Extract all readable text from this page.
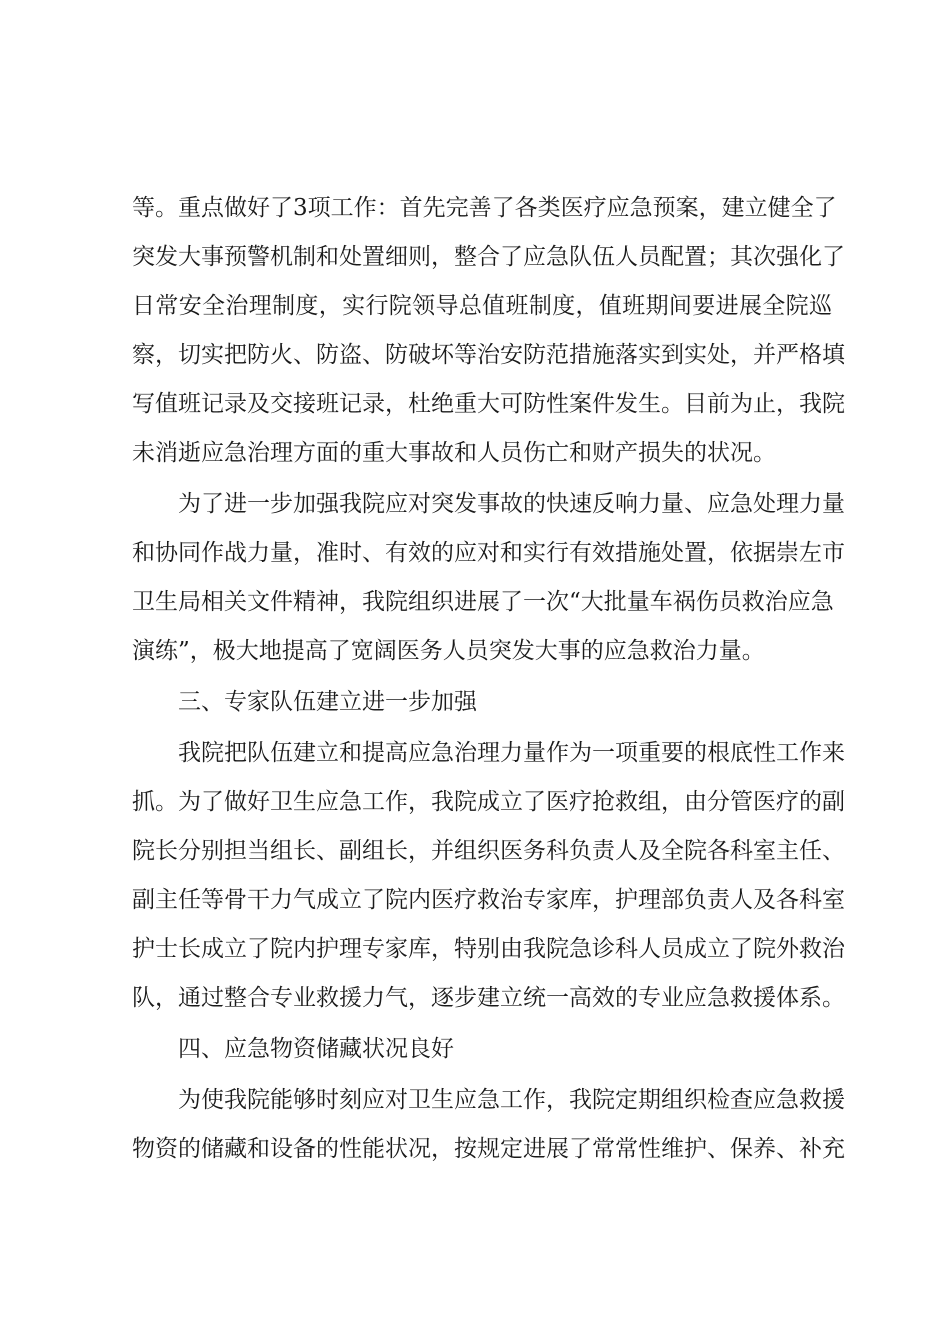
等。重点做好了3项工作：首先完善了各类医疗应急预案，建立健全了
突发大事预警机制和处置细则，整合了应急队伍人员配置；其次强化了
日常安全治理制度，实行院领导总值班制度，值班期间要进展全院巡
察，切实把防火、防盗、防破坏等治安防范措施落实到实处，并严格填
写值班记录及交接班记录，杜绝重大可防性案件发生。目前为止，我院
未消逝应急治理方面的重大事故和人员伤亡和财产损失的状况。
为了进一步加强我院应对突发事故的快速反响力量、应急处理力量
和协同作战力量，准时、有效的应对和实行有效措施处置，依据崇左市
卫生局相关文件精神，我院组织进展了一次“大批量车祸伤员救治应急
演练”，极大地提高了宽阔医务人员突发大事的应急救治力量。
三、专家队伍建立进一步加强
我院把队伍建立和提高应急治理力量作为一项重要的根底性工作来
抓。为了做好卫生应急工作，我院成立了医疗抢救组，由分管医疗的副
院长分别担当组长、副组长，并组织医务科负责人及全院各科室主任、
副主任等骨干力气成立了院内医疗救治专家库，护理部负责人及各科室
护士长成立了院内护理专家库，特别由我院急诊科人员成立了院外救治
队，通过整合专业救援力气，逐步建立统一高效的专业应急救援体系。
四、应急物资储藏状况良好
为使我院能够时刻应对卫生应急工作，我院定期组织检查应急救援
物资的储藏和设备的性能状况，按规定进展了常常性维护、保养、补充
